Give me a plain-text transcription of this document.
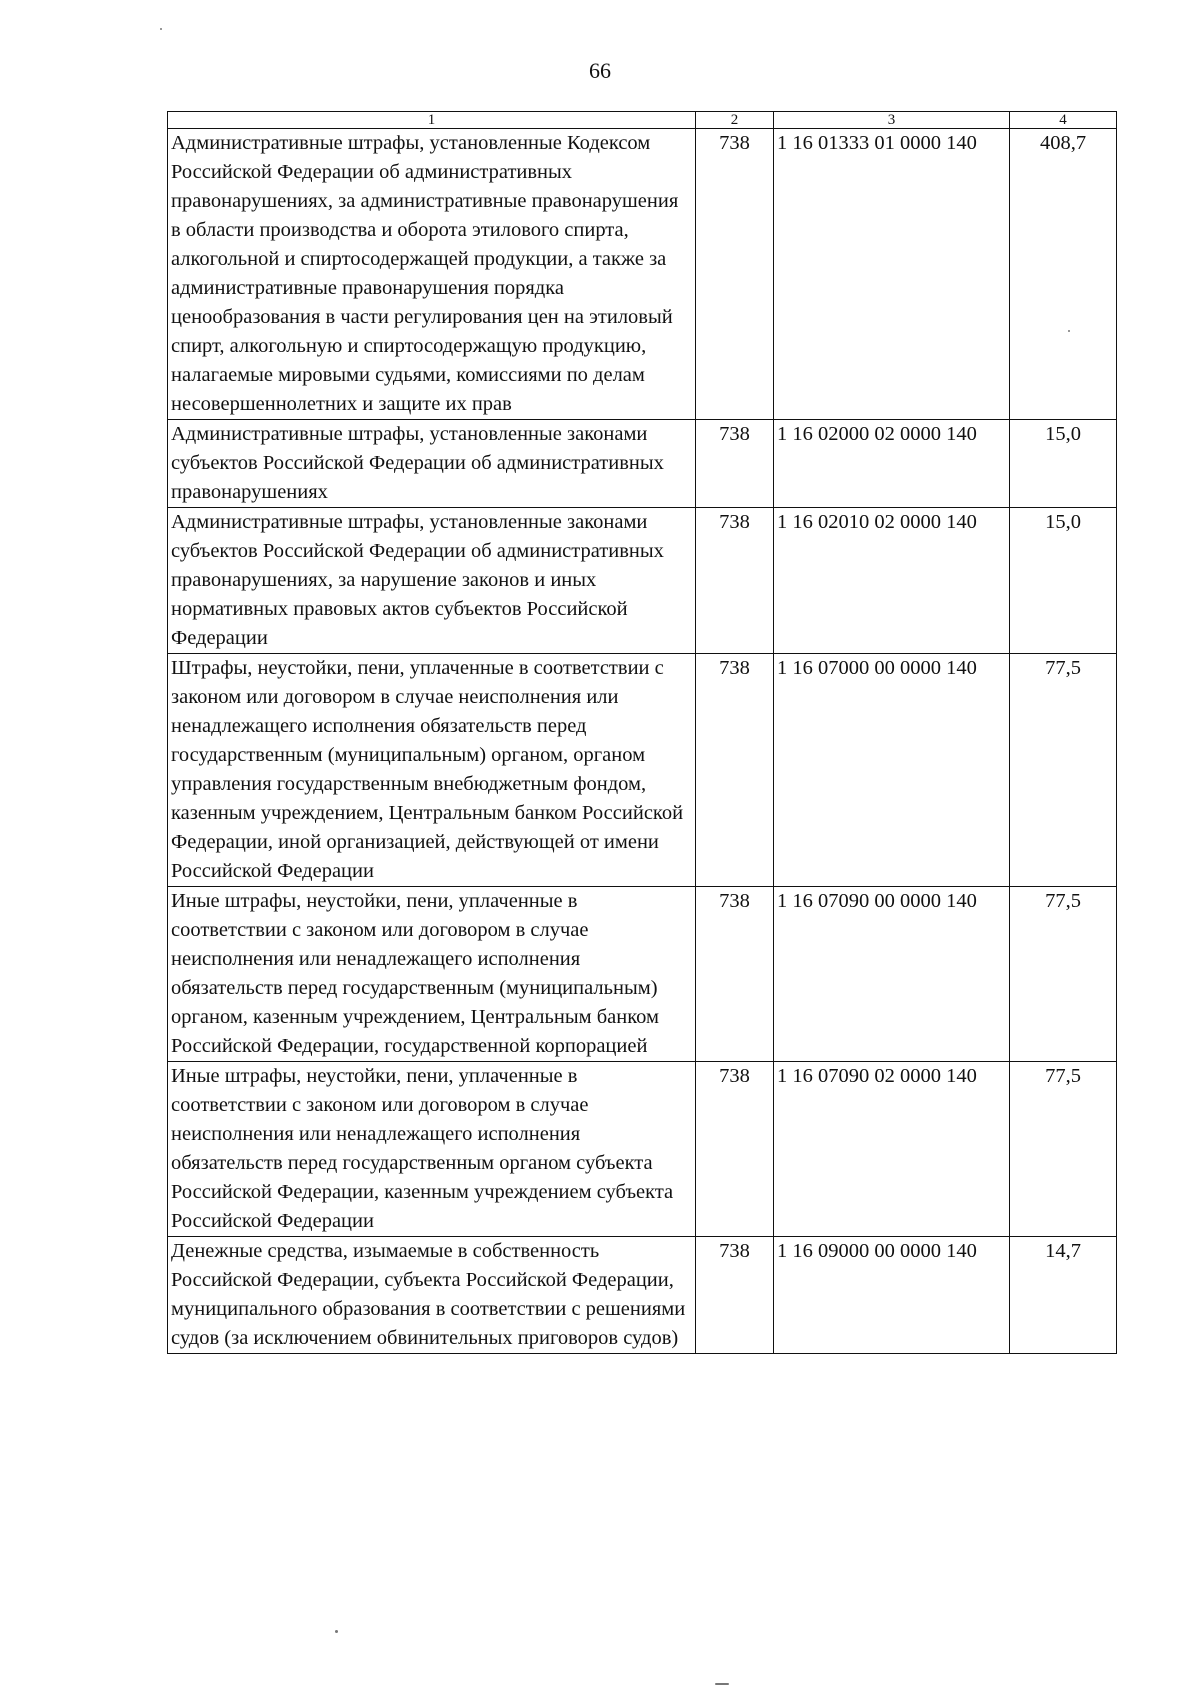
66
1	2	3	4
Административные штрафы, установленные Кодексом Российской Федерации об административных правонарушениях, за административные правонарушения в области производства и оборота этилового спирта, алкогольной и спиртосодержащей продукции, а также за административные правонарушения порядка ценообразования в части регулирования цен на этиловый спирт, алкогольную и спиртосодержащую продукцию, налагаемые мировыми судьями, комиссиями по делам несовершеннолетних и защите их прав	738	1 16 01333 01 0000 140	408,7
Административные штрафы, установленные законами субъектов Российской Федерации об административных правонарушениях	738	1 16 02000 02 0000 140	15,0
Административные штрафы, установленные законами субъектов Российской Федерации об административных правонарушениях, за нарушение законов и иных нормативных правовых актов субъектов Российской Федерации	738	1 16 02010 02 0000 140	15,0
Штрафы, неустойки, пени, уплаченные в соответствии с законом или договором в случае неисполнения или ненадлежащего исполнения обязательств перед государственным (муниципальным) органом, органом управления государственным внебюджетным фондом, казенным учреждением, Центральным банком Российской Федерации, иной организацией, действующей от имени Российской Федерации	738	1 16 07000 00 0000 140	77,5
Иные штрафы, неустойки, пени, уплаченные в соответствии с законом или договором в случае неисполнения или ненадлежащего исполнения обязательств перед государственным (муниципальным) органом, казенным учреждением, Центральным банком Российской Федерации, государственной корпорацией	738	1 16 07090 00 0000 140	77,5
Иные штрафы, неустойки, пени, уплаченные в соответствии с законом или договором в случае неисполнения или ненадлежащего исполнения обязательств перед государственным органом субъекта Российской Федерации, казенным учреждением субъекта Российской Федерации	738	1 16 07090 02 0000 140	77,5
Денежные средства, изымаемые в собственность Российской Федерации, субъекта Российской Федерации, муниципального образования в соответствии с решениями судов (за исключением обвинительных приговоров судов)	738	1 16 09000 00 0000 140	14,7
